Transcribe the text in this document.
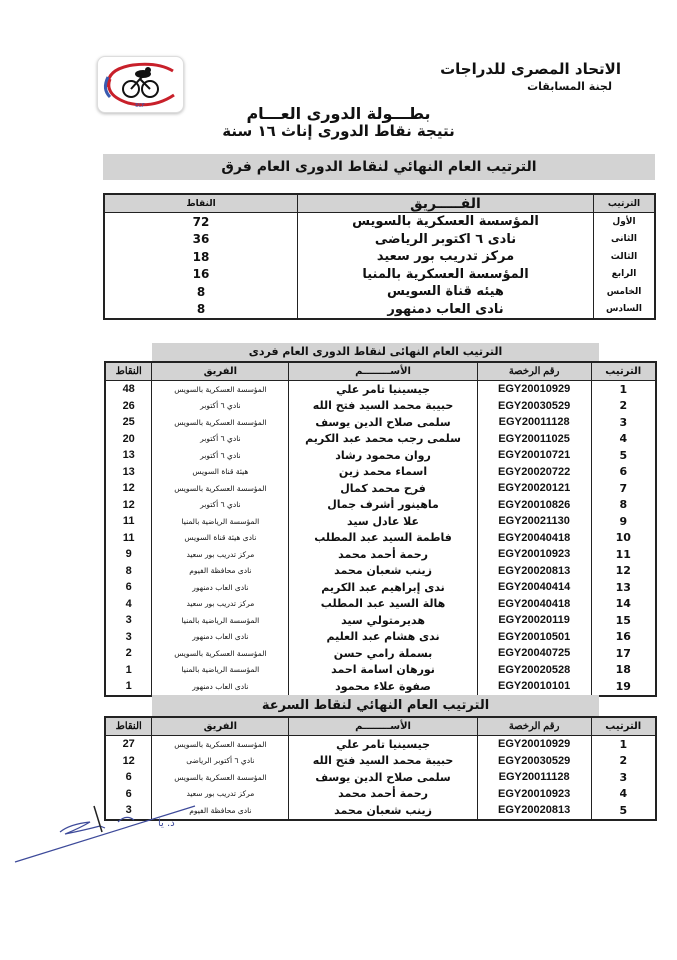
الاتحاد المصرى للدراجات
لجنة المسابقات
ECF	بطـــولة الدورى العـــام
نتيجة نقاط الدورى إناث ١٦ سنة
الترتيب العام النهائي لنقاط الدورى العام فرق
الترتيب	الفـــــريق	النقاط
الأول	المؤسسة العسكرية بالسويس	72
الثانى	نادى ٦ اكتوبر الرياضى	36
الثالث	مركز تدريب بور سعيد	18
الرابع	المؤسسة العسكرية بالمنيا	16
الخامس	هيئه قناة السويس	8
السادس	نادى العاب دمنهور	8
الترتيب العام النهائى لنقاط الدورى العام فردى
الترتيب	رقم الرخصة	الأســــــــم	الفريق	النقاط
1	EGY20010929	جيسينيا تامر علي	المؤسسة العسكرية بالسويس	48
2	EGY20030529	حبيبة محمد السيد فتح الله	نادي ٦ أكتوبر	26
3	EGY20011128	سلمى صلاح الدين يوسف	المؤسسة العسكرية بالسويس	25
4	EGY20011025	سلمى رجب محمد عبد الكريم	نادي ٦ أكتوبر	20
5	EGY20010721	روان محمود رشاد	نادي ٦ أكتوبر	13
6	EGY20020722	اسماء محمد زين	هيئة قناة السويس	13
7	EGY20020121	فرح محمد كمال	المؤسسة العسكرية بالسويس	12
8	EGY20010826	ماهينور أشرف جمال	نادي ٦ أكتوبر	12
9	EGY20021130	علا عادل سيد	المؤسسة الرياضية بالمنيا	11
10	EGY20040418	فاطمة السيد عبد المطلب	نادى هيئة قناة السويس	11
11	EGY20010923	رحمة أحمد محمد	مركز تدريب بور سعيد	9
12	EGY20020813	زينب شعبان محمد	نادى محافظة الفيوم	8
13	EGY20040414	ندى إبراهيم عبد الكريم	نادى العاب دمنهور	6
14	EGY20040418	هالة السيد عبد المطلب	مركز تدريب بور سعيد	4
15	EGY20020119	هديرمتولي سيد	المؤسسة الرياضية بالمنيا	3
16	EGY20010501	ندى هشام عبد العليم	نادى العاب دمنهور	3
17	EGY20040725	بسملة رامي حسن	المؤسسة العسكرية بالسويس	2
18	EGY20020528	نورهان اسامة احمد	المؤسسة الرياضية بالمنيا	1
19	EGY20010101	صفوة علاء محمود	نادى العاب دمنهور	1
الترتيب العام النهائي لنقاط السرعة
الترتيب	رقم الرخصة	الأســــــــم	الفريق	النقاط
1	EGY20010929	جيسينيا تامر علي	المؤسسة العسكرية بالسويس	27
2	EGY20030529	حبيبة محمد السيد فتح الله	نادي ٦ أكتوبر الرياضى	12
3	EGY20011128	سلمى صلاح الدين يوسف	المؤسسة العسكرية بالسويس	6
4	EGY20010923	رحمة أحمد محمد	مركز تدريب بور سعيد	6
5	EGY20020813	زينب شعبان محمد	نادى محافظة الفيوم	3
د. يا
